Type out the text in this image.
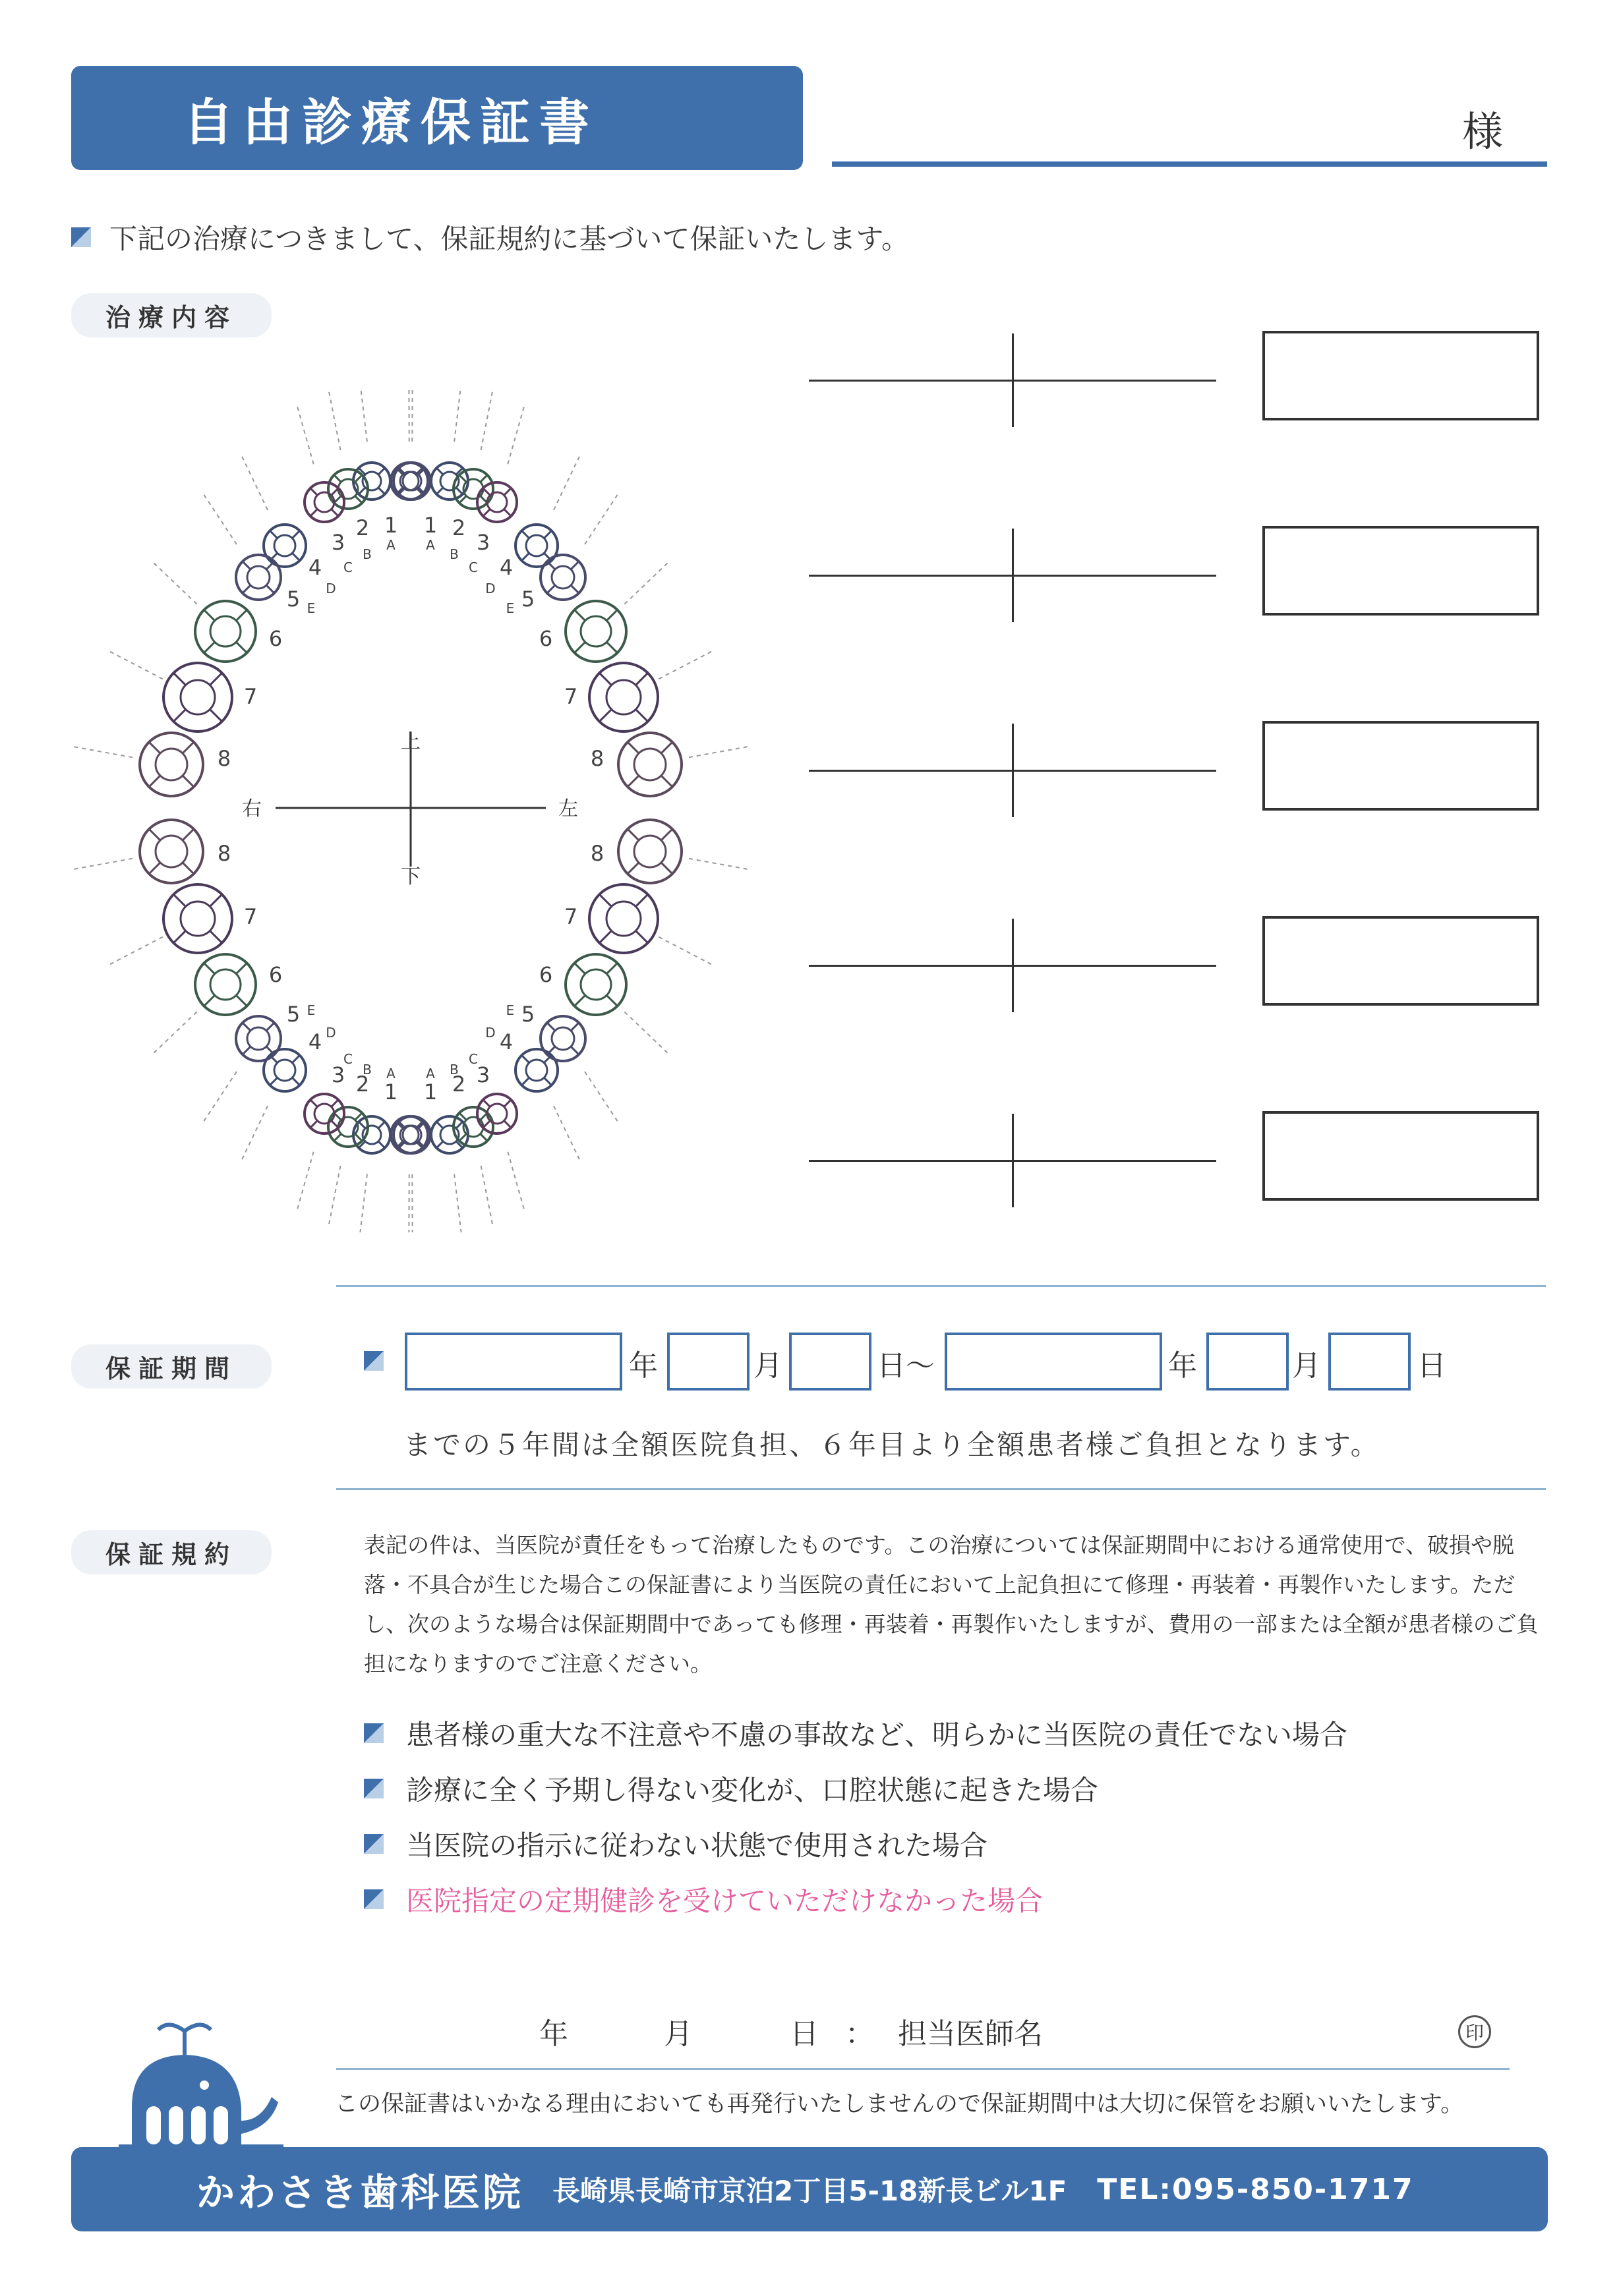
自由診療保証書	様
下記の治療につきまして、保証規約に基づいて保証いたします。
治療内容
1 1
2	2
3	3
4	4
5	5
6	6
7	7
8	8
1 1
2	2
3	3
4	4
5	5
6	6
7	7
8	8
A A
B	B
C	C
D	D
E	E
A A
B	B
C	C
D	D
E	E
上
下
右	左
保証期間	年	月	日〜	年	月	日
までの５年間は全額医院負担、６年目より全額患者様ご負担となります。
保証規約	表記の件は、当医院が責任をもって治療したものです。この治療については保証期間中における通常使用で、破損や脱落・不具合が生じた場合この保証書により当医院の責任において上記負担にて修理・再装着・再製作いたします。ただし、次のような場合は保証期間中であっても修理・再装着・再製作いたしますが、費用の一部または全額が患者様のご負担になりますのでご注意ください。
患者様の重大な不注意や不慮の事故など、明らかに当医院の責任でない場合
診療に全く予期し得ない変化が、口腔状態に起きた場合
当医院の指示に従わない状態で使用された場合
医院指定の定期健診を受けていただけなかった場合
年	月	日 ： 担当医師名	印
この保証書はいかなる理由においても再発行いたしませんので保証期間中は大切に保管をお願いいたします。
かわさき歯科医院 長崎県長崎市京泊2丁目5-18新長ビル1F TEL:095-850-1717
